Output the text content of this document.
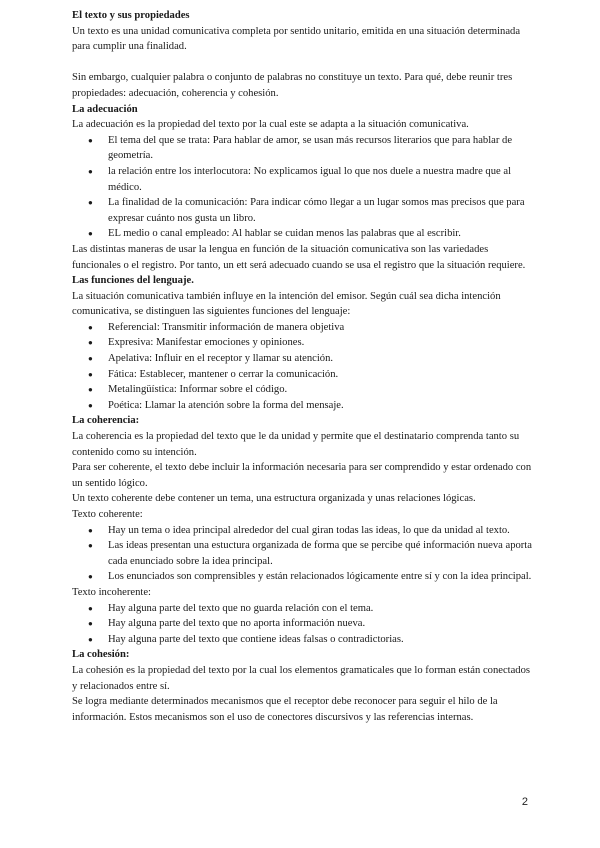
El texto y sus propiedades

Un texto es una unidad comunicativa completa por sentido unitario, emitida en una situación determinada para cumplir una finalidad.

Sin embargo, cualquier palabra o conjunto de palabras no constituye un texto. Para qué, debe reunir tres propiedades: adecuación, coherencia y cohesión.

La adecuación

La adecuación es la propiedad del texto por la cual este se adapta a la situación comunicativa.

● El tema del que se trata: Para hablar de amor, se usan más recursos literarios que para hablar de geometría.
● la relación entre los interlocutora: No explicamos igual lo que nos duele a nuestra madre que al médico.
● La finalidad de la comunicación: Para indicar cómo llegar a un lugar somos mas precisos que para expresar cuánto nos gusta un libro.
● EL medio o canal empleado: Al hablar se cuidan menos las palabras que al escribir.

Las distintas maneras de usar la lengua en función de la situación comunicativa son las variedades funcionales o el registro. Por tanto, un ett será adecuado cuando se usa el registro que la situación requiere.

Las funciones del lenguaje.

La situación comunicativa también influye en la intención del emisor. Según cuál sea dicha intención comunicativa, se distinguen las siguientes funciones del lenguaje:

● Referencial: Transmitir información de manera objetiva
● Expresiva: Manifestar emociones y opiniones.
● Apelativa: Influir en el receptor y llamar su atención.
● Fática: Establecer, mantener o cerrar la comunicación.
● Metalingüística: Informar sobre el código.
● Poética: Llamar la atención sobre la forma del mensaje.

La coherencia:

La coherencia es la propiedad del texto que le da unidad y permite que el destinatario comprenda tanto su contenido como su intención.

Para ser coherente, el texto debe incluir la información necesaria para ser comprendido y estar ordenado con un sentido lógico.

Un texto coherente debe contener un tema, una estructura organizada y unas relaciones lógicas.

Texto coherente:

● Hay un tema o idea principal alrededor del cual giran todas las ideas, lo que da unidad al texto.
● Las ideas presentan una estuctura organizada de forma que se percibe qué información nueva aporta cada enunciado sobre la idea principal.
● Los enunciados son comprensibles y están relacionados lógicamente entre sí y con la idea principal.

Texto incoherente:

● Hay alguna parte del texto que no guarda relación con el tema.
● Hay alguna parte del texto que no aporta información nueva.
● Hay alguna parte del texto que contiene ideas falsas o contradictorias.

La cohesión:

La cohesión es la propiedad del texto por la cual los elementos gramaticales que lo forman están conectados y relacionados entre sí.

Se logra mediante determinados mecanismos que el receptor debe reconocer para seguir el hilo de la información. Estos mecanismos son el uso de conectores discursivos y las referencias internas.

2
